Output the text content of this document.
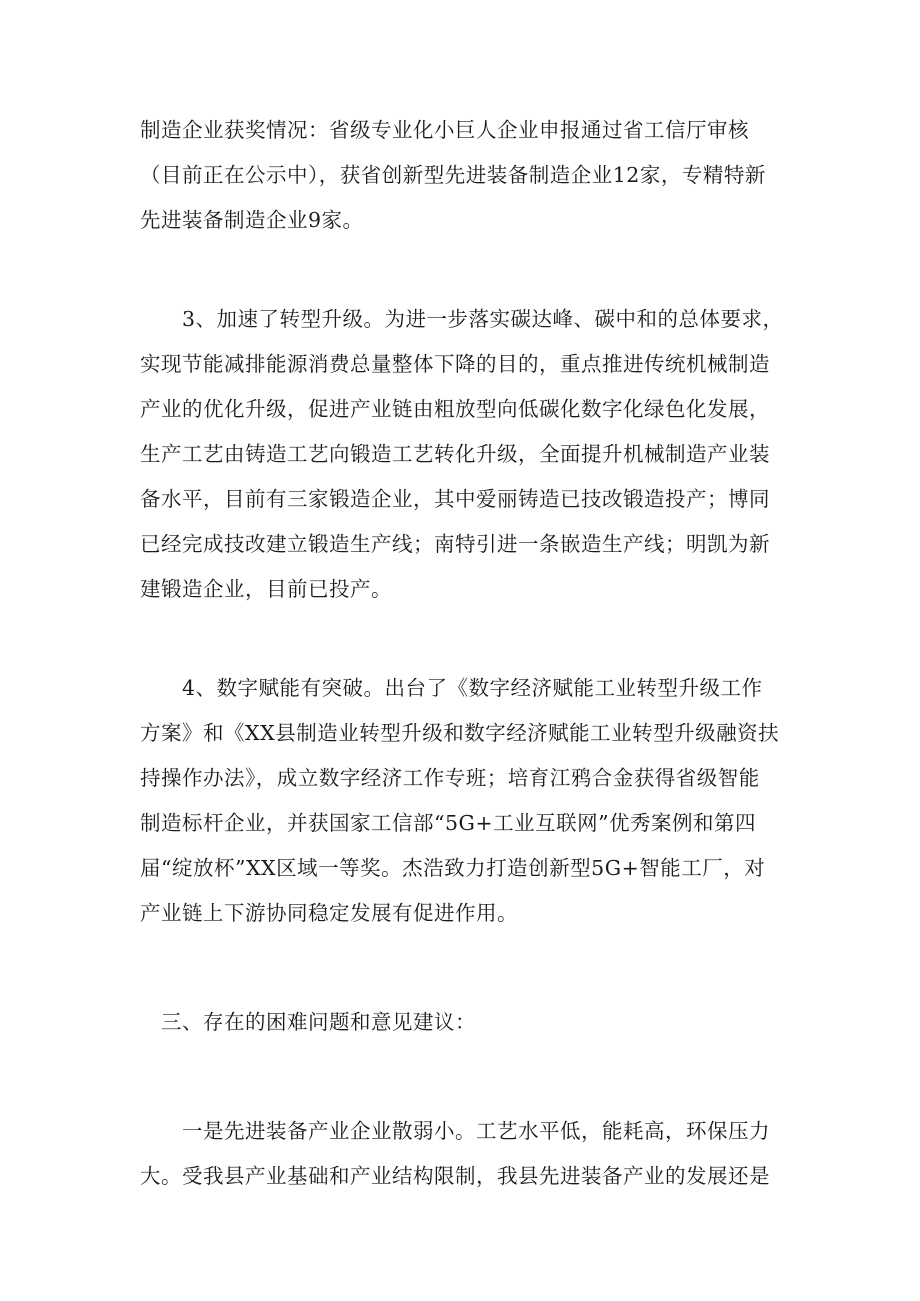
制造企业获奖情况：省级专业化小巨人企业申报通过省工信厅审核
（目前正在公示中），获省创新型先进装备制造企业12家，专精特新
先进装备制造企业9家。
　　3、加速了转型升级。为进一步落实碳达峰、碳中和的总体要求，
实现节能减排能源消费总量整体下降的目的，重点推进传统机械制造
产业的优化升级，促进产业链由粗放型向低碳化数字化绿色化发展，
生产工艺由铸造工艺向锻造工艺转化升级，全面提升机械制造产业装
备水平，目前有三家锻造企业，其中爱丽铸造已技改锻造投产；博同
已经完成技改建立锻造生产线；南特引进一条嵌造生产线；明凯为新
建锻造企业，目前已投产。
　　4、数字赋能有突破。出台了《数字经济赋能工业转型升级工作
方案》和《XX县制造业转型升级和数字经济赋能工业转型升级融资扶
持操作办法》，成立数字经济工作专班；培育江鸦合金获得省级智能
制造标杆企业，并获国家工信部“5G+工业互联网”优秀案例和第四
届“绽放杯”XX区域一等奖。杰浩致力打造创新型5G+智能工厂，对
产业链上下游协同稳定发展有促进作用。
　三、存在的困难问题和意见建议：
　　一是先进装备产业企业散弱小。工艺水平低，能耗高，环保压力
大。受我县产业基础和产业结构限制，我县先进装备产业的发展还是
